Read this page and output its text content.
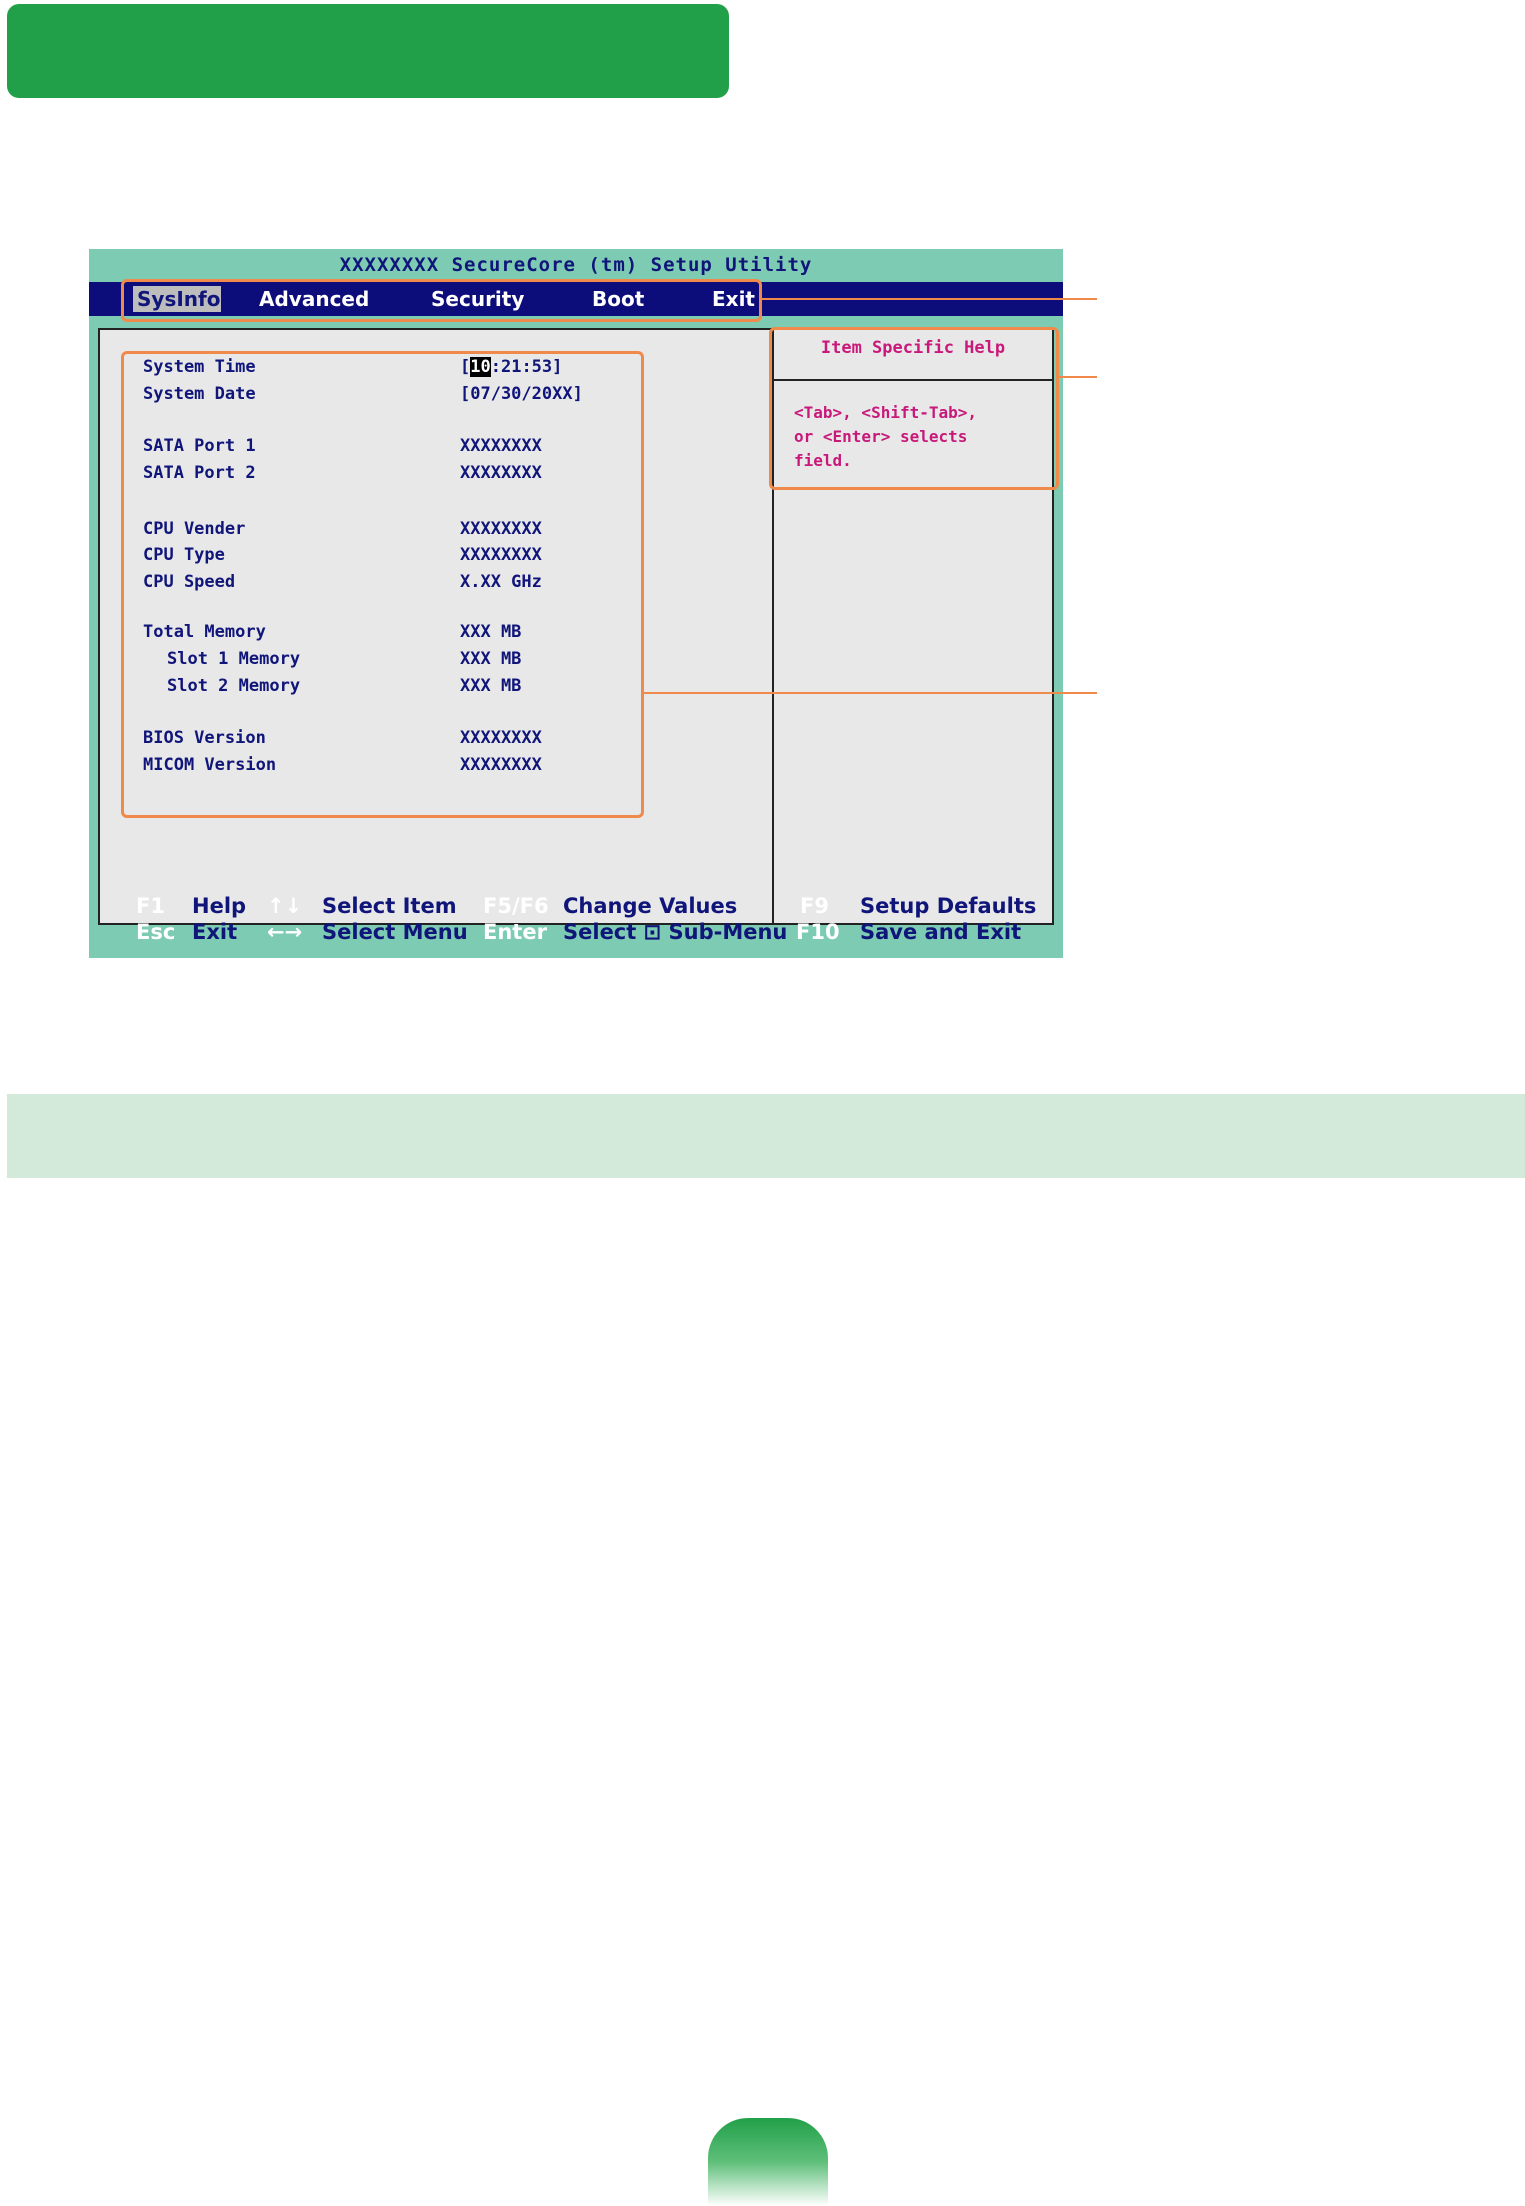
XXXXXXXX SecureCore (tm) Setup Utility
SysInfo Advanced	Security	Boot	Exit
Item Specific Help
<Tab>, <Shift-Tab>,
or <Enter> selects
field.
System Time	[10:21:53]
System Date	[07/30/20XX]
SATA Port 1	XXXXXXXX
SATA Port 2	XXXXXXXX
CPU Vender	XXXXXXXX
CPU Type	XXXXXXXX
CPU Speed	X.XX GHz
Total Memory	XXX MB
Slot 1 Memory	XXX MB
Slot 2 Memory	XXX MB
BIOS Version	XXXXXXXX
MICOM Version	XXXXXXXX
F1 Help ↑↓ Select Item F5/F6 Change Values	F9 Setup Defaults
Esc Exit ←→ Select Menu Enter Select ⊡ Sub-Menu F10 Save and Exit
